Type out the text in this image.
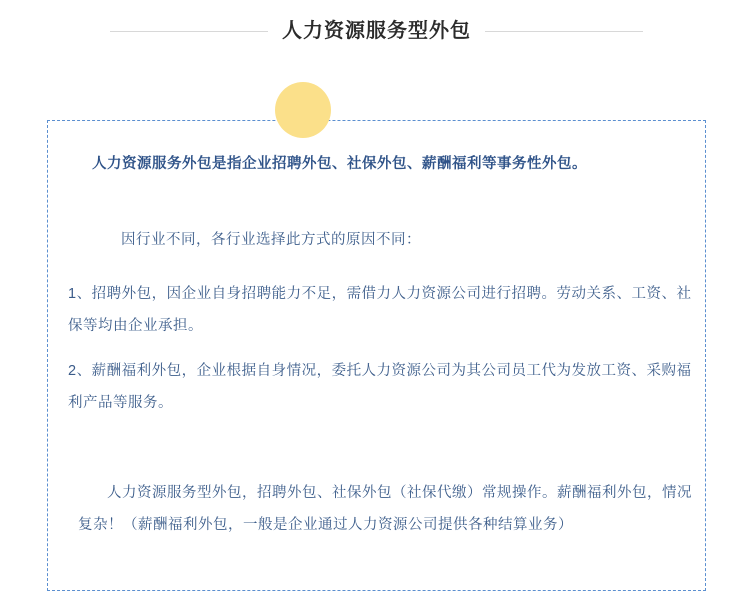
人力资源服务型外包

人力资源服务外包是指企业招聘外包、社保外包、薪酬福利等事务性外包。

因行业不同，各行业选择此方式的原因不同：

1、招聘外包，因企业自身招聘能力不足，需借力人力资源公司进行招聘。劳动关系、工资、社保等均由企业承担。

2、薪酬福利外包，企业根据自身情况，委托人力资源公司为其公司员工代为发放工资、采购福利产品等服务。

人力资源服务型外包，招聘外包、社保外包（社保代缴）常规操作。薪酬福利外包，情况复杂！（薪酬福利外包，一般是企业通过人力资源公司提供各种结算业务）
